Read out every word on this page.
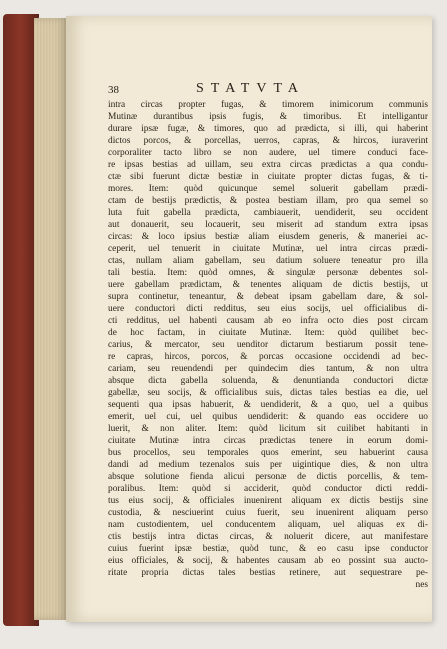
38	STATVTA
intra circas propter fugas, & timorem inimicorum communis
Mutinæ durantibus ipsis fugis, & timoribus. Et intelligantur
durare ipsæ fugæ, & timores, quo ad prædicta, si illi, qui haberint
dictos porcos, & porcellas, uerros, capras, & hircos, iuraverint
corporaliter tacto libro se non audere, uel timere conduci face-
re ipsas bestias ad uillam, seu extra circas prædictas a qua condu-
ctæ sibi fuerunt dictæ bestiæ in ciuitate propter dictas fugas, & ti-
mores. Item: quòd quicunque semel soluerit gabellam prædi-
ctam de bestijs prædictis, & postea bestiam illam, pro qua semel so
luta fuit gabella prædicta, cambiauerit, uendiderit, seu occident
aut donauerit, seu locauerit, seu miserit ad standum extra ipsas
circas: & loco ipsius bestiæ aliam eiusdem generis, & maneriei ac-
ceperit, uel tenuerit in ciuitate Mutinæ, uel intra circas prædi-
ctas, nullam aliam gabellam, seu datium soluere teneatur pro illa
tali bestia. Item: quòd omnes, & singulæ personæ debentes sol-
uere gabellam prædictam, & tenentes aliquam de dictis bestijs, ut
supra continetur, teneantur, & debeat ipsam gabellam dare, & sol-
uere conductori dicti redditus, seu eius socijs, uel officialibus di-
cti redditus, uel habenti causam ab eo infra octo dies post circam
de hoc factam, in ciuitate Mutinæ. Item: quòd quilibet bec-
carius, & mercator, seu uenditor dictarum bestiarum possit tene-
re capras, hircos, porcos, & porcas occasione occidendi ad bec-
cariam, seu reuendendi per quindecim dies tantum, & non ultra
absque dicta gabella soluenda, & denuntianda conductori dictæ
gabellæ, seu socijs, & officialibus suis, dictas tales bestias ea die, uel
sequenti qua ipsas habuerit, & uendiderit, & a quo, uel a quibus
emerit, uel cui, uel quibus uendiderit: & quando eas occidere uo
luerit, & non aliter. Item: quòd licitum sit cuilibet habitanti in
ciuitate Mutinæ intra circas prædictas tenere in eorum domi-
bus procellos, seu temporales quos emerint, seu habuerint causa
dandi ad medium tezenalos suis per uigintique dies, & non ultra
absque solutione fienda alicui personæ de dictis porcellis, & tem-
poralibus. Item: quòd si acciderit, quòd conductor dicti reddi-
tus eius socij, & officiales inuenirent aliquam ex dictis bestijs sine
custodia, & nesciuerint cuius fuerit, seu inuenirent aliquam perso
nam custodientem, uel conducentem aliquam, uel aliquas ex di-
ctis bestijs intra dictas circas, & noluerit dicere, aut manifestare
cuius fuerint ipsæ bestiæ, quòd tunc, & eo casu ipse conductor
eius officiales, & socij, & habentes causam ab eo possint sua aucto-
ritate propria dictas tales bestias retinere, aut sequestrare pe-
nes
